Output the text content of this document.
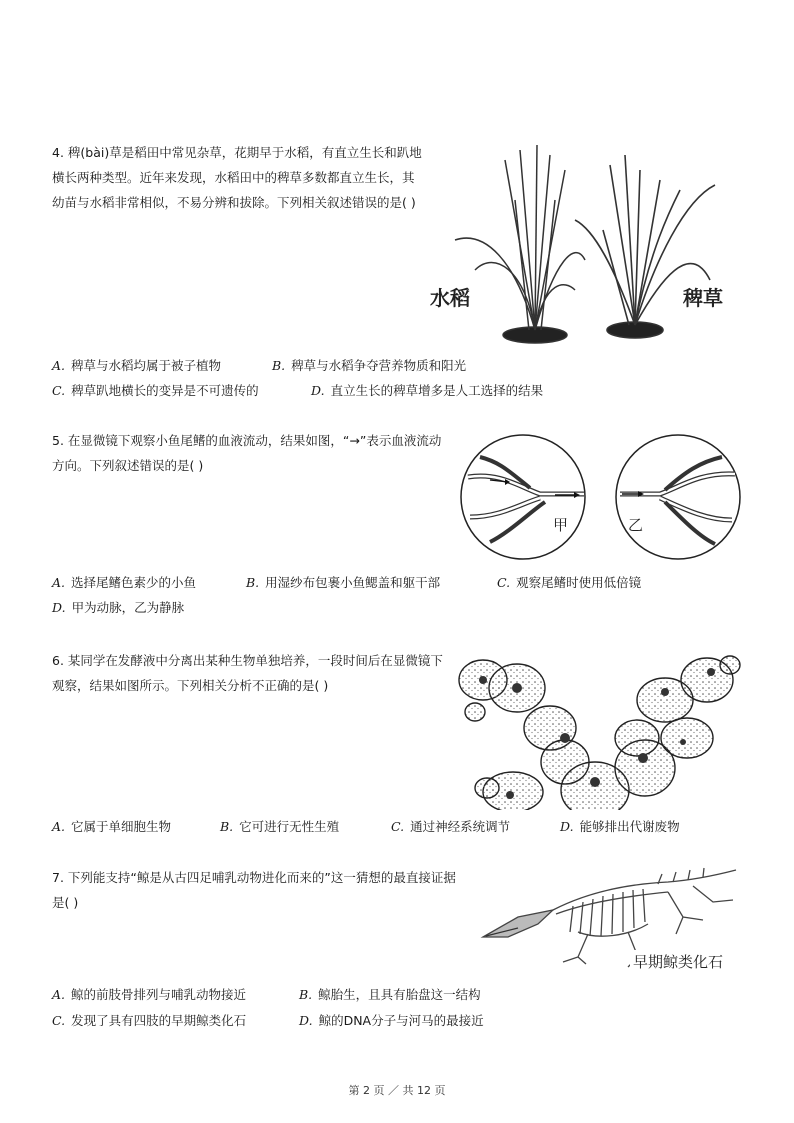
4. 稗(bài)草是稻田中常见杂草，花期早于水稻，有直立生长和趴地横长两种类型。近年来发现，水稻田中的稗草多数都直立生长，其幼苗与水稻非常相似，不易分辨和拔除。下列相关叙述错误的是( )
水稻	稗草
A. 稗草与水稻均属于被子植物	B. 稗草与水稻争夺营养物质和阳光
C. 稗草趴地横长的变异是不可遗传的	D. 直立生长的稗草增多是人工选择的结果
5. 在显微镜下观察小鱼尾鳍的血液流动，结果如图，“→”表示血液流动方向。下列叙述错误的是( )
甲	乙
A. 选择尾鳍色素少的小鱼	B. 用湿纱布包裹小鱼鳃盖和躯干部	C. 观察尾鳍时使用低倍镜
D. 甲为动脉，乙为静脉
6. 某同学在发酵液中分离出某种生物单独培养，一段时间后在显微镜下观察，结果如图所示。下列相关分析不正确的是( )
A. 它属于单细胞生物	B. 它可进行无性生殖	C. 通过神经系统调节	D. 能够排出代谢废物
7. 下列能支持“鲸是从古四足哺乳动物进化而来的”这一猜想的最直接证据是( )
早期鲸类化石
A. 鲸的前肢骨排列与哺乳动物接近	B. 鲸胎生，且具有胎盘这一结构
C. 发现了具有四肢的早期鲸类化石	D. 鲸的DNA分子与河马的最接近
第 2 页 ／ 共 12 页
